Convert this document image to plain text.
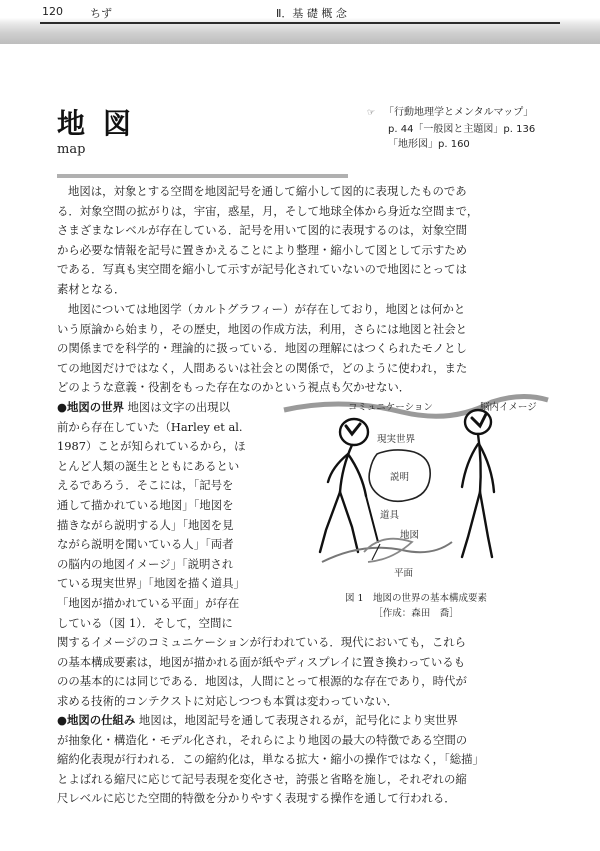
120 ちず	Ⅱ．基 礎 概 念
地図
map
☞ 「行動地理学とメンタルマップ」
p. 44「一般図と主題図」p. 136
「地形図」p. 160
地図は，対象とする空間を地図記号を通して縮小して図的に表現したものであ
る．対象空間の拡がりは，宇宙，惑星，月，そして地球全体から身近な空間まで，
さまざまなレベルが存在している．記号を用いて図的に表現するのは，対象空間
から必要な情報を記号に置きかえることにより整理・縮小して図として示すため
である．写真も実空間を縮小して示すが記号化されていないので地図にとっては
素材となる．
地図については地図学（カルトグラフィー）が存在しており，地図とは何かと
いう原論から始まり，その歴史，地図の作成方法，利用，さらには地図と社会と
の関係までを科学的・理論的に扱っている．地図の理解にはつくられたモノとし
ての地図だけではなく，人間あるいは社会との関係で，どのように使われ，また
どのような意義・役割をもった存在なのかという視点も欠かせない．
●地図の世界 地図は文字の出現以
前から存在していた（Harley et al.
1987）ことが知られているから，ほ
とんど人類の誕生とともにあるとい
えるであろう．そこには，「記号を
通して描かれている地図」「地図を
描きながら説明する人」「地図を見
ながら説明を聞いている人」「両者
の脳内の地図イメージ」「説明され
ている現実世界」「地図を描く道具」
「地図が描かれている平面」が存在
している（図 1）．そして，空間に
関するイメージのコミュニケーションが行われている．現代においても，これら
の基本構成要素は，地図が描かれる面が紙やディスプレイに置き換わっているも
のの基本的には同じである．地図は，人間にとって根源的な存在であり，時代が
求める技術的コンテクストに対応しつつも本質は変わっていない．
●地図の仕組み 地図は，地図記号を通して表現されるが，記号化により実世界
が抽象化・構造化・モデル化され，それらにより地図の最大の特徴である空間の
縮約化表現が行われる．この縮約化は，単なる拡大・縮小の操作ではなく，「総描」
とよばれる縮尺に応じて記号表現を変化させ，誇張と省略を施し，それぞれの縮
尺レベルに応じた空間的特徴を分かりやすく表現する操作を通して行われる．
コミュニケーション	脳内イメージ
現実世界
説明
道具
地図
平面
図 1　地図の世界の基本構成要素
［作成：森田　喬］
